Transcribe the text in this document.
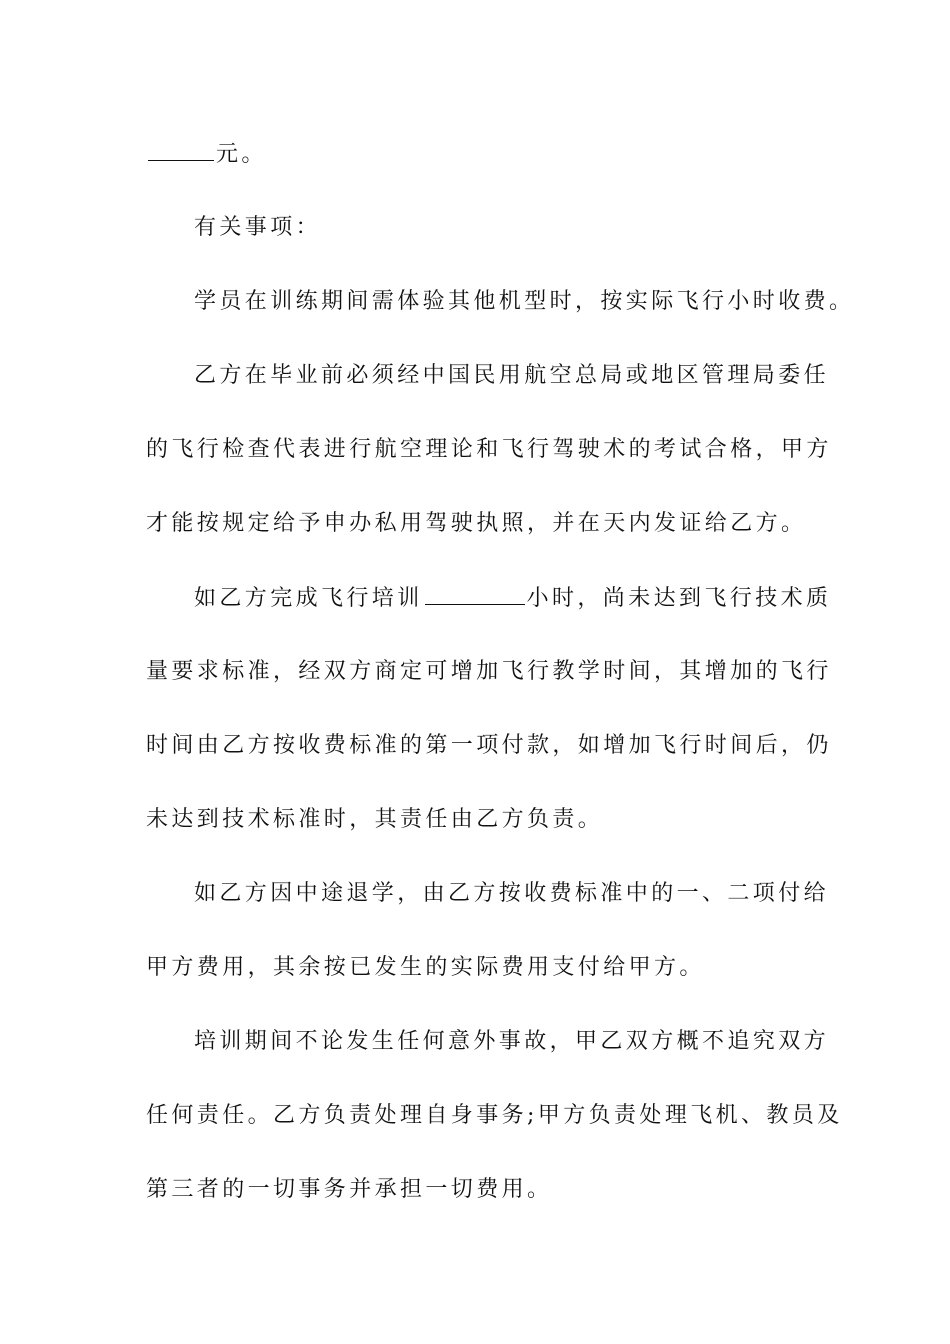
元。
有关事项：
学员在训练期间需体验其他机型时，按实际飞行小时收费。
乙方在毕业前必须经中国民用航空总局或地区管理局委任
的飞行检查代表进行航空理论和飞行驾驶术的考试合格，甲方
才能按规定给予申办私用驾驶执照，并在天内发证给乙方。
如乙方完成飞行培训	小时，尚未达到飞行技术质
量要求标准，经双方商定可增加飞行教学时间，其增加的飞行
时间由乙方按收费标准的第一项付款，如增加飞行时间后，仍
未达到技术标准时，其责任由乙方负责。
如乙方因中途退学，由乙方按收费标准中的一、二项付给
甲方费用，其余按已发生的实际费用支付给甲方。
培训期间不论发生任何意外事故，甲乙双方概不追究双方
任何责任。乙方负责处理自身事务;甲方负责处理飞机、教员及
第三者的一切事务并承担一切费用。
